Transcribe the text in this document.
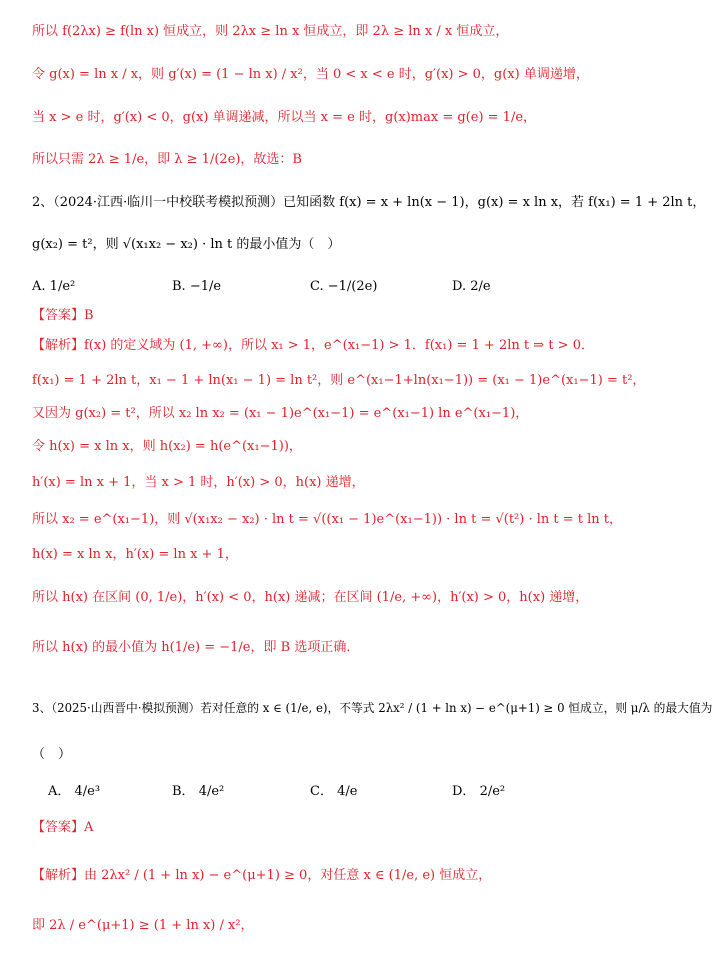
所以 f(2λx) ≥ f(ln x) 恒成立，则 2λx ≥ ln x 恒成立，即 2λ ≥ ln x / x 恒成立，
令 g(x) = ln x / x，则 g′(x) = (1 − ln x) / x²，当 0 < x < e 时，g′(x) > 0，g(x) 单调递增，
当 x > e 时，g′(x) < 0，g(x) 单调递减，所以当 x = e 时，g(x)max = g(e) = 1/e，
所以只需 2λ ≥ 1/e，即 λ ≥ 1/(2e)，故选：B
2、（2024·江西·临川一中校联考模拟预测）已知函数 f(x) = x + ln(x − 1)，g(x) = x ln x，若 f(x₁) = 1 + 2ln t，
g(x₂) = t²，则 √(x₁x₂ − x₂) · ln t 的最小值为（　）
A. 1/e²	B. −1/e	C. −1/(2e)	D. 2/e
【答案】B
【解析】f(x) 的定义域为 (1, +∞)，所以 x₁ > 1，e^(x₁−1) > 1．f(x₁) = 1 + 2ln t ⇒ t > 0．
f(x₁) = 1 + 2ln t，x₁ − 1 + ln(x₁ − 1) = ln t²，则 e^(x₁−1+ln(x₁−1)) = (x₁ − 1)e^(x₁−1) = t²，
又因为 g(x₂) = t²，所以 x₂ ln x₂ = (x₁ − 1)e^(x₁−1) = e^(x₁−1) ln e^(x₁−1)，
令 h(x) = x ln x，则 h(x₂) = h(e^(x₁−1))，
h′(x) = ln x + 1，当 x > 1 时，h′(x) > 0，h(x) 递增，
所以 x₂ = e^(x₁−1)，则 √(x₁x₂ − x₂) · ln t = √((x₁ − 1)e^(x₁−1)) · ln t = √(t²) · ln t = t ln t，
h(x) = x ln x，h′(x) = ln x + 1，
所以 h(x) 在区间 (0, 1/e)，h′(x) < 0，h(x) 递减；在区间 (1/e, +∞)，h′(x) > 0，h(x) 递增，
所以 h(x) 的最小值为 h(1/e) = −1/e，即 B 选项正确．
3、（2025·山西晋中·模拟预测）若对任意的 x ∈ (1/e, e)，不等式 2λx² / (1 + ln x) − e^(μ+1) ≥ 0 恒成立，则 μ/λ 的最大值为
（　）
A． 4/e³	B． 4/e²	C． 4/e	D． 2/e²
【答案】A
【解析】由 2λx² / (1 + ln x) − e^(μ+1) ≥ 0，对任意 x ∈ (1/e, e) 恒成立，
即 2λ / e^(μ+1) ≥ (1 + ln x) / x²，
